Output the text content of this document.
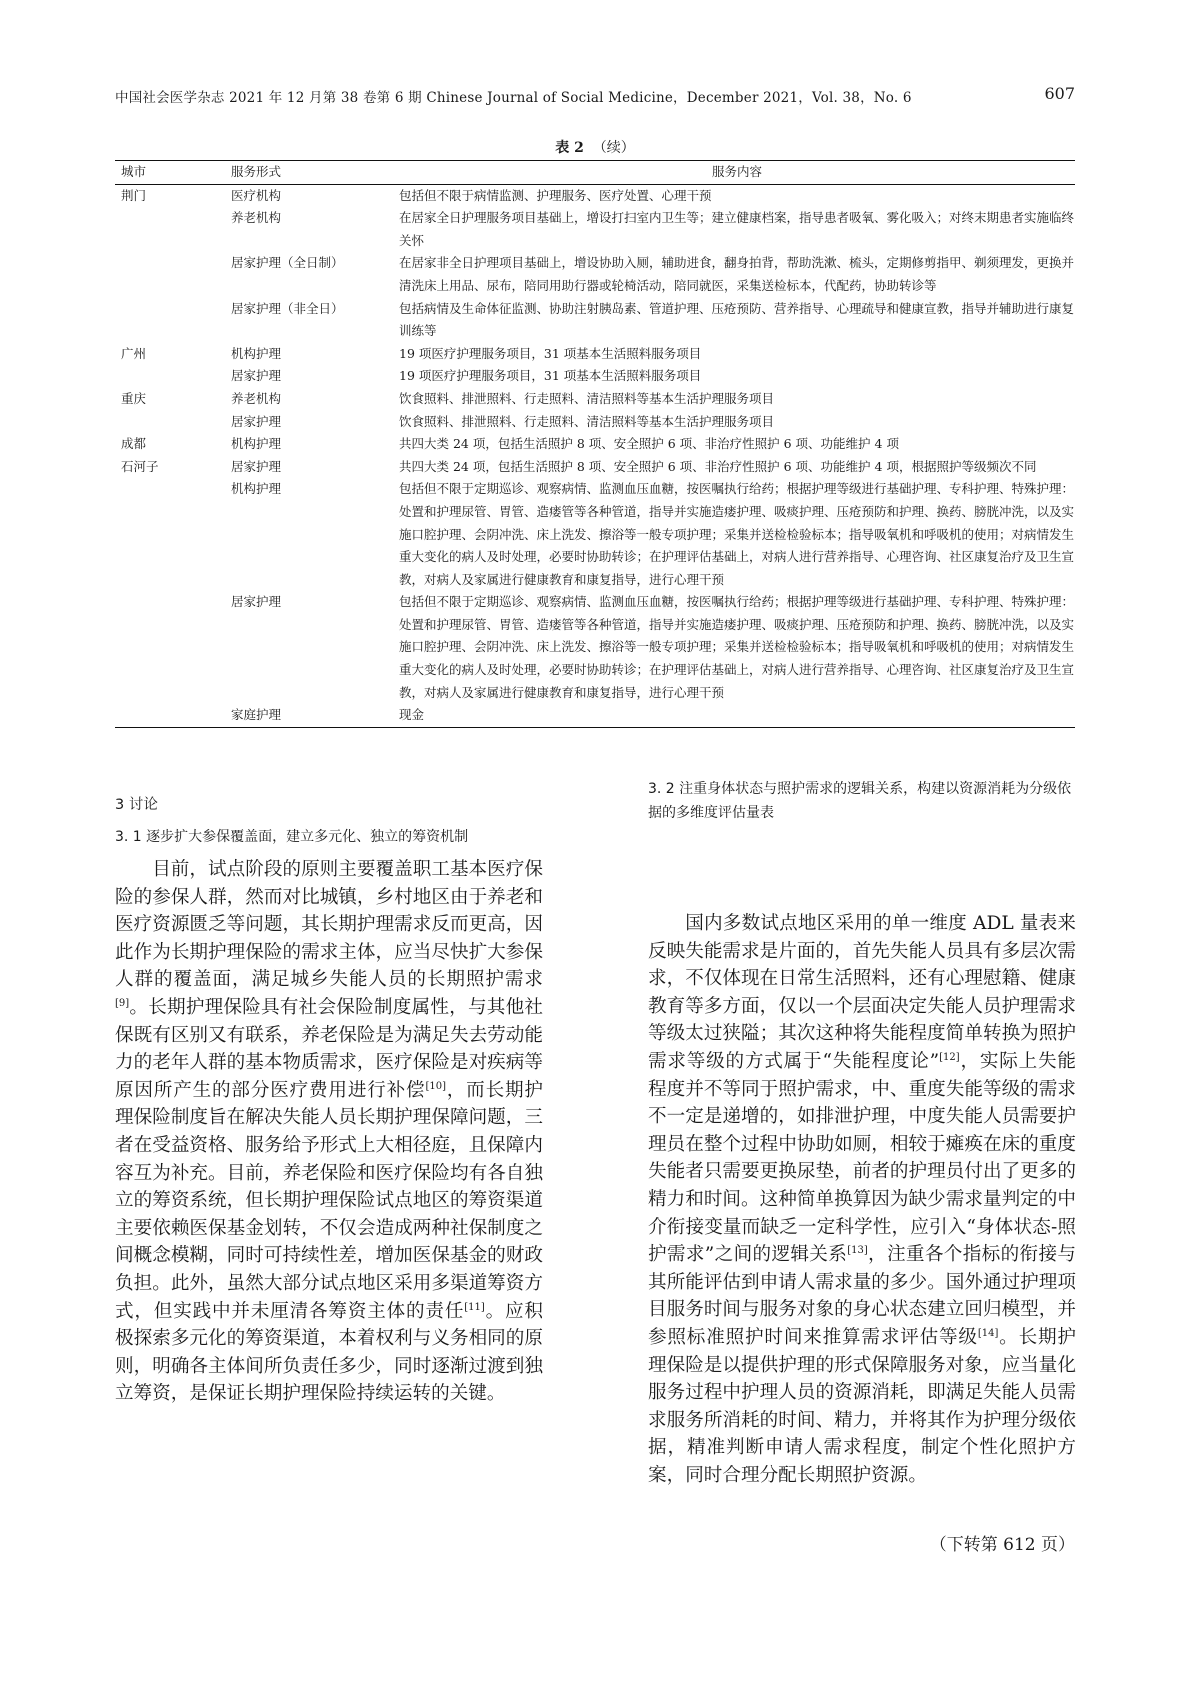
中国社会医学杂志 2021 年 12 月第 38 卷第 6 期 Chinese Journal of Social Medicine，December 2021，Vol. 38，No. 6	607
表 2 （续）
城市	服务形式	服务内容
荆门	医疗机构	包括但不限于病情监测、护理服务、医疗处置、心理干预
	养老机构	在居家全日护理服务项目基础上，增设打扫室内卫生等；建立健康档案，指导患者吸氧、雾化吸入；对终末期患者实施临终关怀
	居家护理（全日制）	在居家非全日护理项目基础上，增设协助入厕，辅助进食，翻身拍背，帮助洗漱、梳头，定期修剪指甲、剃须理发，更换并清洗床上用品、尿布，陪同用助行器或轮椅活动，陪同就医，采集送检标本，代配药，协助转诊等
	居家护理（非全日）	包括病情及生命体征监测、协助注射胰岛素、管道护理、压疮预防、营养指导、心理疏导和健康宣教，指导并辅助进行康复训练等
广州	机构护理	19 项医疗护理服务项目，31 项基本生活照料服务项目
	居家护理	19 项医疗护理服务项目，31 项基本生活照料服务项目
重庆	养老机构	饮食照料、排泄照料、行走照料、清洁照料等基本生活护理服务项目
	居家护理	饮食照料、排泄照料、行走照料、清洁照料等基本生活护理服务项目
成都	机构护理	共四大类 24 项，包括生活照护 8 项、安全照护 6 项、非治疗性照护 6 项、功能维护 4 项
石河子	居家护理	共四大类 24 项，包括生活照护 8 项、安全照护 6 项、非治疗性照护 6 项、功能维护 4 项，根据照护等级频次不同
	机构护理	包括但不限于定期巡诊、观察病情、监测血压血糖，按医嘱执行给药；根据护理等级进行基础护理、专科护理、特殊护理：处置和护理尿管、胃管、造瘘管等各种管道，指导并实施造瘘护理、吸痰护理、压疮预防和护理、换药、膀胱冲洗，以及实施口腔护理、会阴冲洗、床上洗发、擦浴等一般专项护理；采集并送检检验标本；指导吸氧机和呼吸机的使用；对病情发生重大变化的病人及时处理，必要时协助转诊；在护理评估基础上，对病人进行营养指导、心理咨询、社区康复治疗及卫生宣教，对病人及家属进行健康教育和康复指导，进行心理干预
	居家护理	包括但不限于定期巡诊、观察病情、监测血压血糖，按医嘱执行给药；根据护理等级进行基础护理、专科护理、特殊护理：处置和护理尿管、胃管、造瘘管等各种管道，指导并实施造瘘护理、吸痰护理、压疮预防和护理、换药、膀胱冲洗，以及实施口腔护理、会阴冲洗、床上洗发、擦浴等一般专项护理；采集并送检检验标本；指导吸氧机和呼吸机的使用；对病情发生重大变化的病人及时处理，必要时协助转诊；在护理评估基础上，对病人进行营养指导、心理咨询、社区康复治疗及卫生宣教，对病人及家属进行健康教育和康复指导，进行心理干预
	家庭护理	现金
3 讨论
3. 1 逐步扩大参保覆盖面，建立多元化、独立的筹资机制

目前，试点阶段的原则主要覆盖职工基本医疗保险的参保人群，然而对比城镇，乡村地区由于养老和医疗资源匮乏等问题，其长期护理需求反而更高，因此作为长期护理保险的需求主体，应当尽快扩大参保人群的覆盖面，满足城乡失能人员的长期照护需求[9]。长期护理保险具有社会保险制度属性，与其他社保既有区别又有联系，养老保险是为满足失去劳动能力的老年人群的基本物质需求，医疗保险是对疾病等原因所产生的部分医疗费用进行补偿[10]，而长期护理保险制度旨在解决失能人员长期护理保障问题，三者在受益资格、服务给予形式上大相径庭，且保障内容互为补充。目前，养老保险和医疗保险均有各自独立的筹资系统，但长期护理保险试点地区的筹资渠道主要依赖医保基金划转，不仅会造成两种社保制度之间概念模糊，同时可持续性差，增加医保基金的财政负担。此外，虽然大部分试点地区采用多渠道筹资方式，但实践中并未厘清各筹资主体的责任[11]。应积极探索多元化的筹资渠道，本着权利与义务相同的原则，明确各主体间所负责任多少，同时逐渐过渡到独立筹资，是保证长期护理保险持续运转的关键。

3. 2 注重身体状态与照护需求的逻辑关系，构建以资源消耗为分级依据的多维度评估量表

国内多数试点地区采用的单一维度 ADL 量表来反映失能需求是片面的，首先失能人员具有多层次需求，不仅体现在日常生活照料，还有心理慰籍、健康教育等多方面，仅以一个层面决定失能人员护理需求等级太过狭隘；其次这种将失能程度简单转换为照护需求等级的方式属于“失能程度论”[12]，实际上失能程度并不等同于照护需求，中、重度失能等级的需求不一定是递增的，如排泄护理，中度失能人员需要护理员在整个过程中协助如厕，相较于瘫痪在床的重度失能者只需要更换尿垫，前者的护理员付出了更多的精力和时间。这种简单换算因为缺少需求量判定的中介衔接变量而缺乏一定科学性，应引入“身体状态-照护需求”之间的逻辑关系[13]，注重各个指标的衔接与其所能评估到申请人需求量的多少。国外通过护理项目服务时间与服务对象的身心状态建立回归模型，并参照标准照护时间来推算需求评估等级[14]。长期护理保险是以提供护理的形式保障服务对象，应当量化服务过程中护理人员的资源消耗，即满足失能人员需求服务所消耗的时间、精力，并将其作为护理分级依据，精准判断申请人需求程度，制定个性化照护方案，同时合理分配长期照护资源。

（下转第 612 页）
